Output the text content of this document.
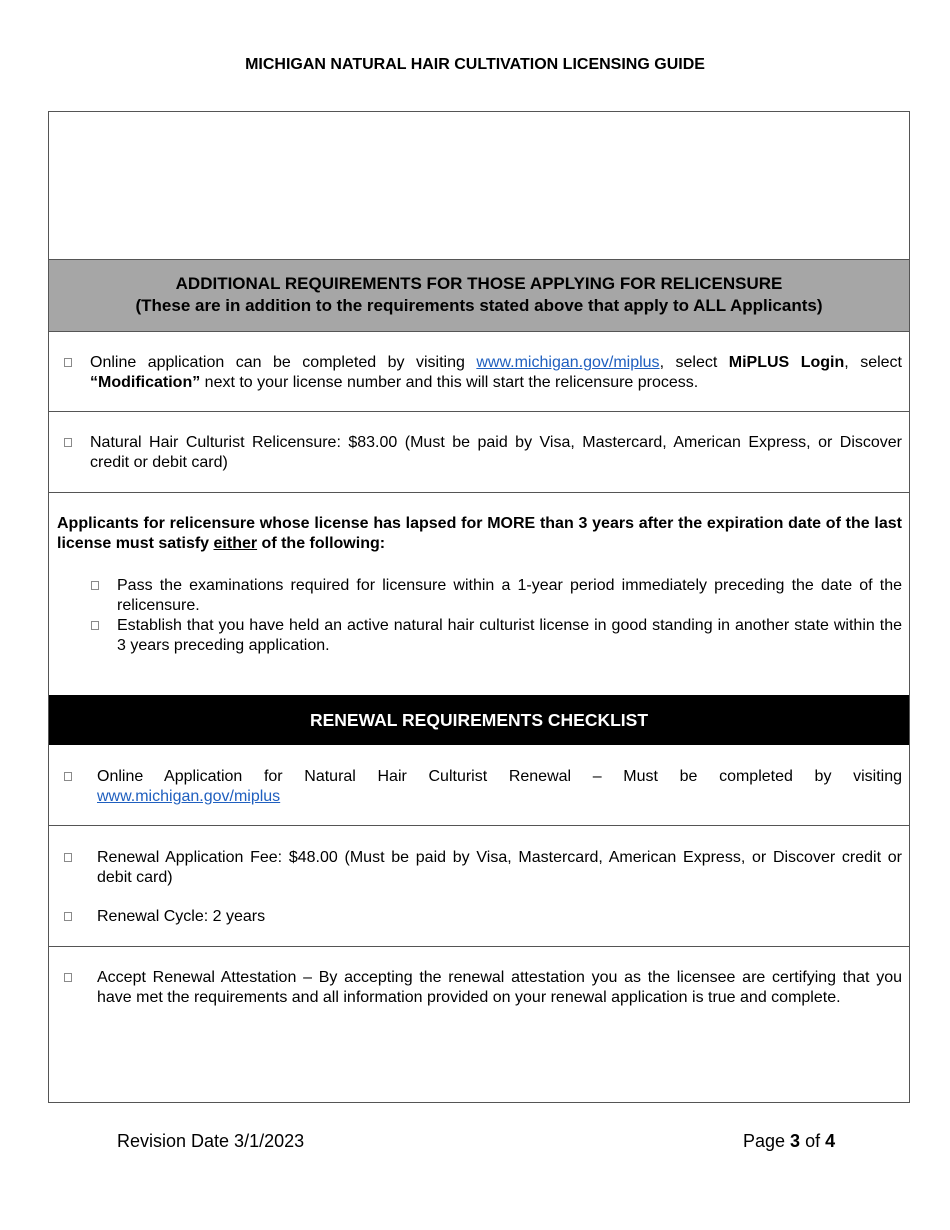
MICHIGAN NATURAL HAIR CULTIVATION LICENSING GUIDE
ADDITIONAL REQUIREMENTS FOR THOSE APPLYING FOR RELICENSURE
(These are in addition to the requirements stated above that apply to ALL Applicants)
Online application can be completed by visiting www.michigan.gov/miplus, select MiPLUS Login, select “Modification” next to your license number and this will start the relicensure process.
Natural Hair Culturist Relicensure: $83.00 (Must be paid by Visa, Mastercard, American Express, or Discover credit or debit card)
Applicants for relicensure whose license has lapsed for MORE than 3 years after the expiration date of the last license must satisfy either of the following:
Pass the examinations required for licensure within a 1-year period immediately preceding the date of the relicensure.
Establish that you have held an active natural hair culturist license in good standing in another state within the 3 years preceding application.
RENEWAL REQUIREMENTS CHECKLIST
Online Application for Natural Hair Culturist Renewal – Must be completed by visiting
www.michigan.gov/miplus
Renewal Application Fee: $48.00 (Must be paid by Visa, Mastercard, American Express, or Discover credit or debit card)
Renewal Cycle: 2 years
Accept Renewal Attestation – By accepting the renewal attestation you as the licensee are certifying that you have met the requirements and all information provided on your renewal application is true and complete.
Revision Date 3/1/2023	Page 3 of 4
